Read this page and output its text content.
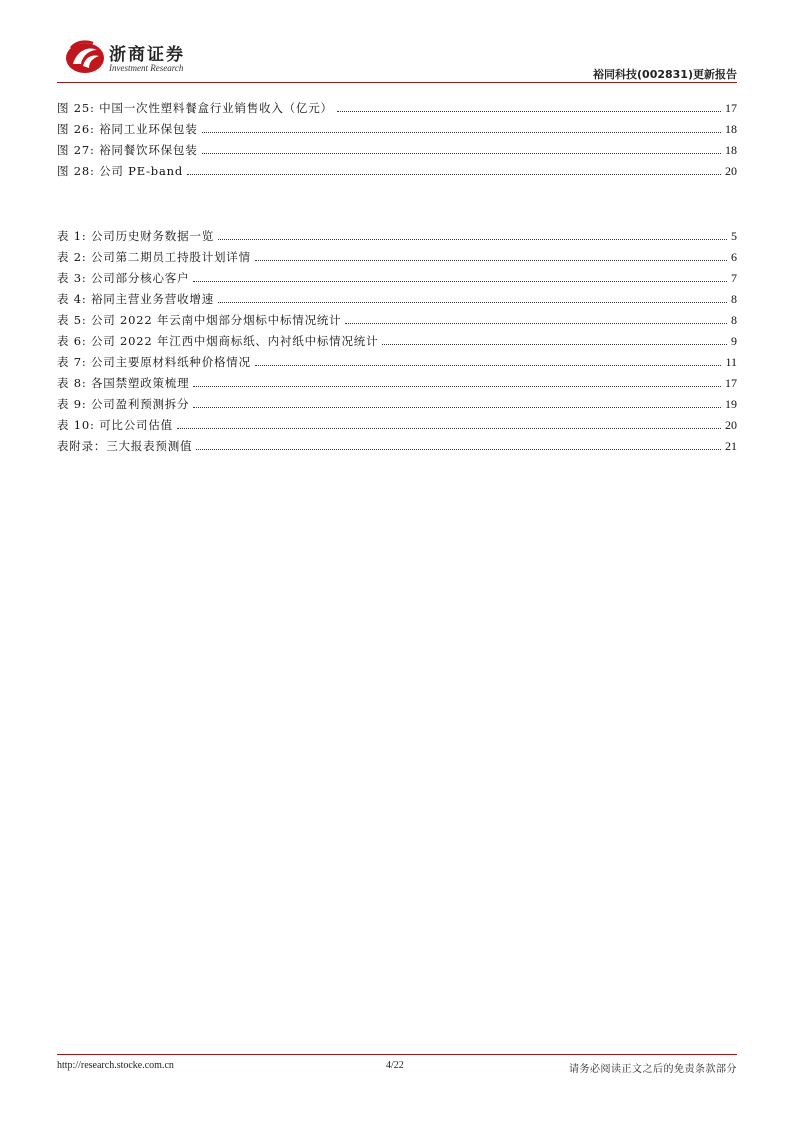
浙商证券
Investment Research	裕同科技(002831)更新报告
图 25: 中国一次性塑料餐盒行业销售收入（亿元）	17
图 26: 裕同工业环保包装	18
图 27: 裕同餐饮环保包装	18
图 28: 公司 PE-band	20
表 1: 公司历史财务数据一览	5
表 2: 公司第二期员工持股计划详情	6
表 3: 公司部分核心客户	7
表 4: 裕同主营业务营收增速	8
表 5: 公司 2022 年云南中烟部分烟标中标情况统计	8
表 6: 公司 2022 年江西中烟商标纸、内衬纸中标情况统计	9
表 7: 公司主要原材料纸种价格情况	11
表 8: 各国禁塑政策梳理	17
表 9: 公司盈利预测拆分	19
表 10: 可比公司估值	20
表附录：三大报表预测值	21
http://research.stocke.com.cn	4/22	请务必阅读正文之后的免责条款部分
